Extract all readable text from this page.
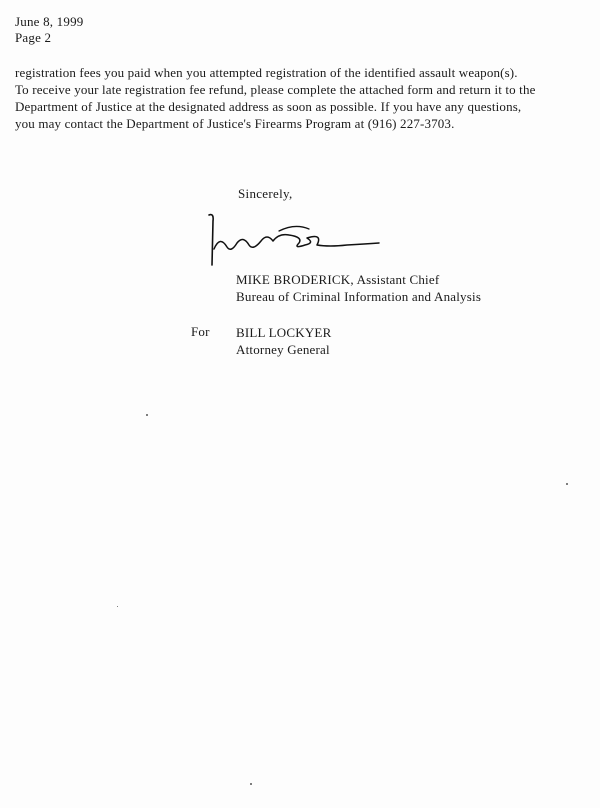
June 8, 1999
Page 2
registration fees you paid when you attempted registration of the identified assault weapon(s).
To receive your late registration fee refund, please complete the attached form and return it to the
Department of Justice at the designated address as soon as possible. If you have any questions,
you may contact the Department of Justice's Firearms Program at (916) 227-3703.
Sincerely,
MIKE BRODERICK, Assistant Chief
Bureau of Criminal Information and Analysis
For BILL LOCKYER
Attorney General
